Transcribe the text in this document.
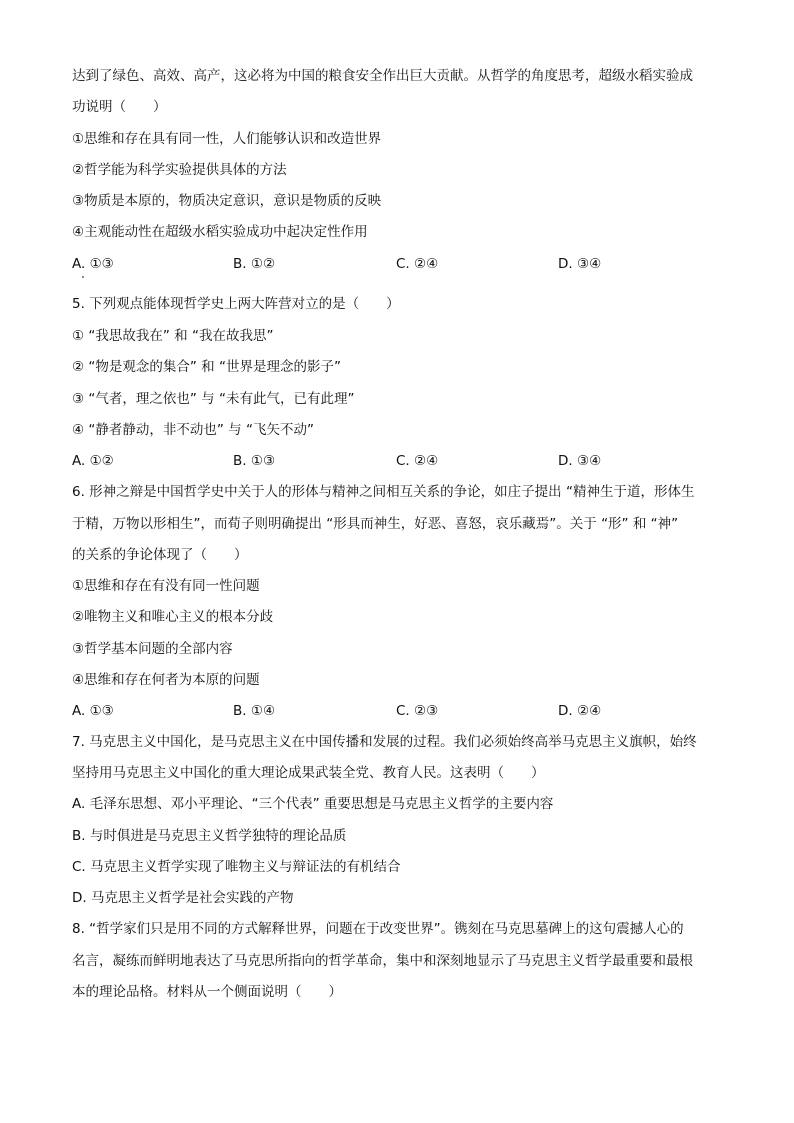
达到了绿色、高效、高产，这必将为中国的粮食安全作出巨大贡献。从哲学的角度思考，超级水稻实验成
功说明（　　）
①思维和存在具有同一性，人们能够认识和改造世界
②哲学能为科学实验提供具体的方法
③物质是本原的，物质决定意识，意识是物质的反映
④主观能动性在超级水稻实验成功中起决定性作用
A. ①③	B. ①②	C. ②④	D. ③④
5. 下列观点能体现哲学史上两大阵营对立的是（　　）
① “我思故我在” 和 “我在故我思”
② “物是观念的集合” 和 “世界是理念的影子”
③ “气者，理之依也” 与 “未有此气，已有此理”
④ “静者静动，非不动也” 与 “飞矢不动”
A. ①②	B. ①③	C. ②④	D. ③④
6. 形神之辩是中国哲学史中关于人的形体与精神之间相互关系的争论，如庄子提出 “精神生于道，形体生
于精，万物以形相生”，而荀子则明确提出 “形具而神生，好恶、喜怒，哀乐藏焉”。关于 “形” 和 “神”
的关系的争论体现了（　　）
①思维和存在有没有同一性问题
②唯物主义和唯心主义的根本分歧
③哲学基本问题的全部内容
④思维和存在何者为本原的问题
A. ①③	B. ①④	C. ②③	D. ②④
7. 马克思主义中国化，是马克思主义在中国传播和发展的过程。我们必须始终高举马克思主义旗帜，始终
坚持用马克思主义中国化的重大理论成果武装全党、教育人民。这表明（　　）
A. 毛泽东思想、邓小平理论、“三个代表” 重要思想是马克思主义哲学的主要内容
B. 与时俱进是马克思主义哲学独特的理论品质
C. 马克思主义哲学实现了唯物主义与辩证法的有机结合
D. 马克思主义哲学是社会实践的产物
8. “哲学家们只是用不同的方式解释世界，问题在于改变世界”。镌刻在马克思墓碑上的这句震撼人心的
名言，凝练而鲜明地表达了马克思所指向的哲学革命，集中和深刻地显示了马克思主义哲学最重要和最根
本的理论品格。材料从一个侧面说明（　　）
